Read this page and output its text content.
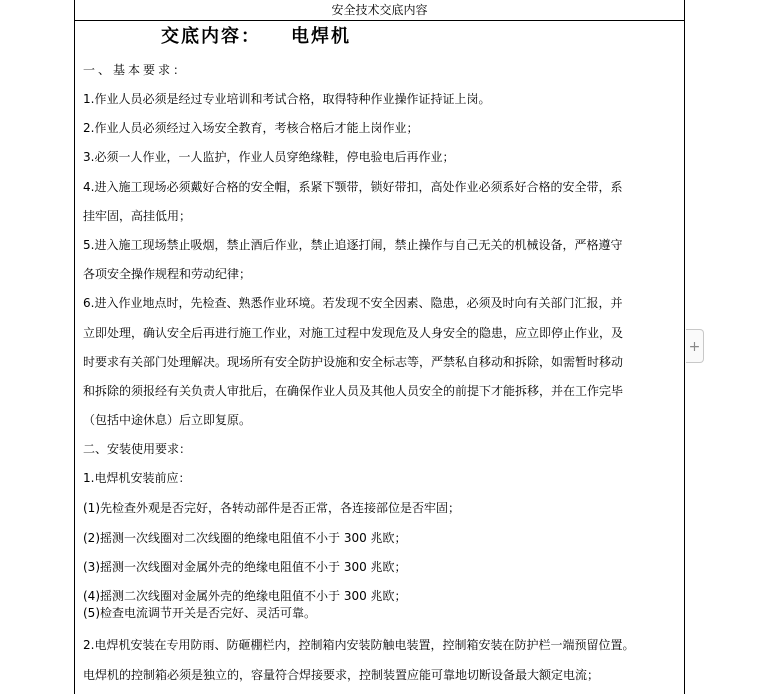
安全技术交底内容
交底内容： 电焊机
一、基本要求：
1.作业人员必须是经过专业培训和考试合格，取得特种作业操作证持证上岗。
2.作业人员必须经过入场安全教育，考核合格后才能上岗作业；
3.必须一人作业，一人监护，作业人员穿绝缘鞋，停电验电后再作业；
4.进入施工现场必须戴好合格的安全帽，系紧下颚带，锁好带扣，高处作业必须系好合格的安全带，系
挂牢固，高挂低用；
5.进入施工现场禁止吸烟，禁止酒后作业，禁止追逐打闹，禁止操作与自己无关的机械设备，严格遵守
各项安全操作规程和劳动纪律；
6.进入作业地点时，先检查、熟悉作业环境。若发现不安全因素、隐患，必须及时向有关部门汇报，并
立即处理，确认安全后再进行施工作业，对施工过程中发现危及人身安全的隐患，应立即停止作业，及
时要求有关部门处理解决。现场所有安全防护设施和安全标志等，严禁私自移动和拆除，如需暂时移动
和拆除的须报经有关负责人审批后，在确保作业人员及其他人员安全的前提下才能拆移，并在工作完毕
（包括中途休息）后立即复原。
二、安装使用要求：
1.电焊机安装前应：
(1)先检查外观是否完好，各转动部件是否正常，各连接部位是否牢固；
(2)摇测一次线圈对二次线圈的绝缘电阻值不小于 300 兆欧；
(3)摇测一次线圈对金属外壳的绝缘电阻值不小于 300 兆欧；
(4)摇测二次线圈对金属外壳的绝缘电阻值不小于 300 兆欧；
(5)检查电流调节开关是否完好、灵活可靠。
2.电焊机安装在专用防雨、防砸棚栏内，控制箱内安装防触电装置，控制箱安装在防护栏一端预留位置。
电焊机的控制箱必须是独立的，容量符合焊接要求，控制装置应能可靠地切断设备最大额定电流；
+
